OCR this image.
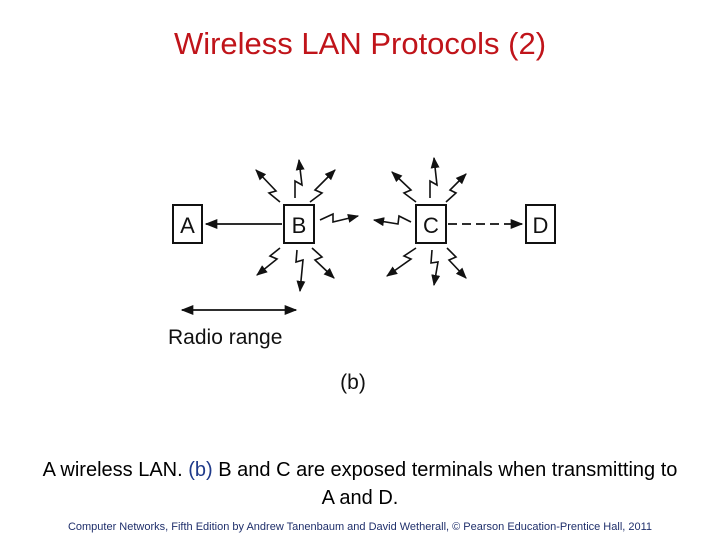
Wireless LAN Protocols (2)
A	B	C	D
Radio range
(b)
A wireless LAN. (b) B and C are exposed terminals when transmitting to A and D.
Computer Networks, Fifth Edition by Andrew Tanenbaum and David Wetherall, © Pearson Education-Prentice Hall, 2011
